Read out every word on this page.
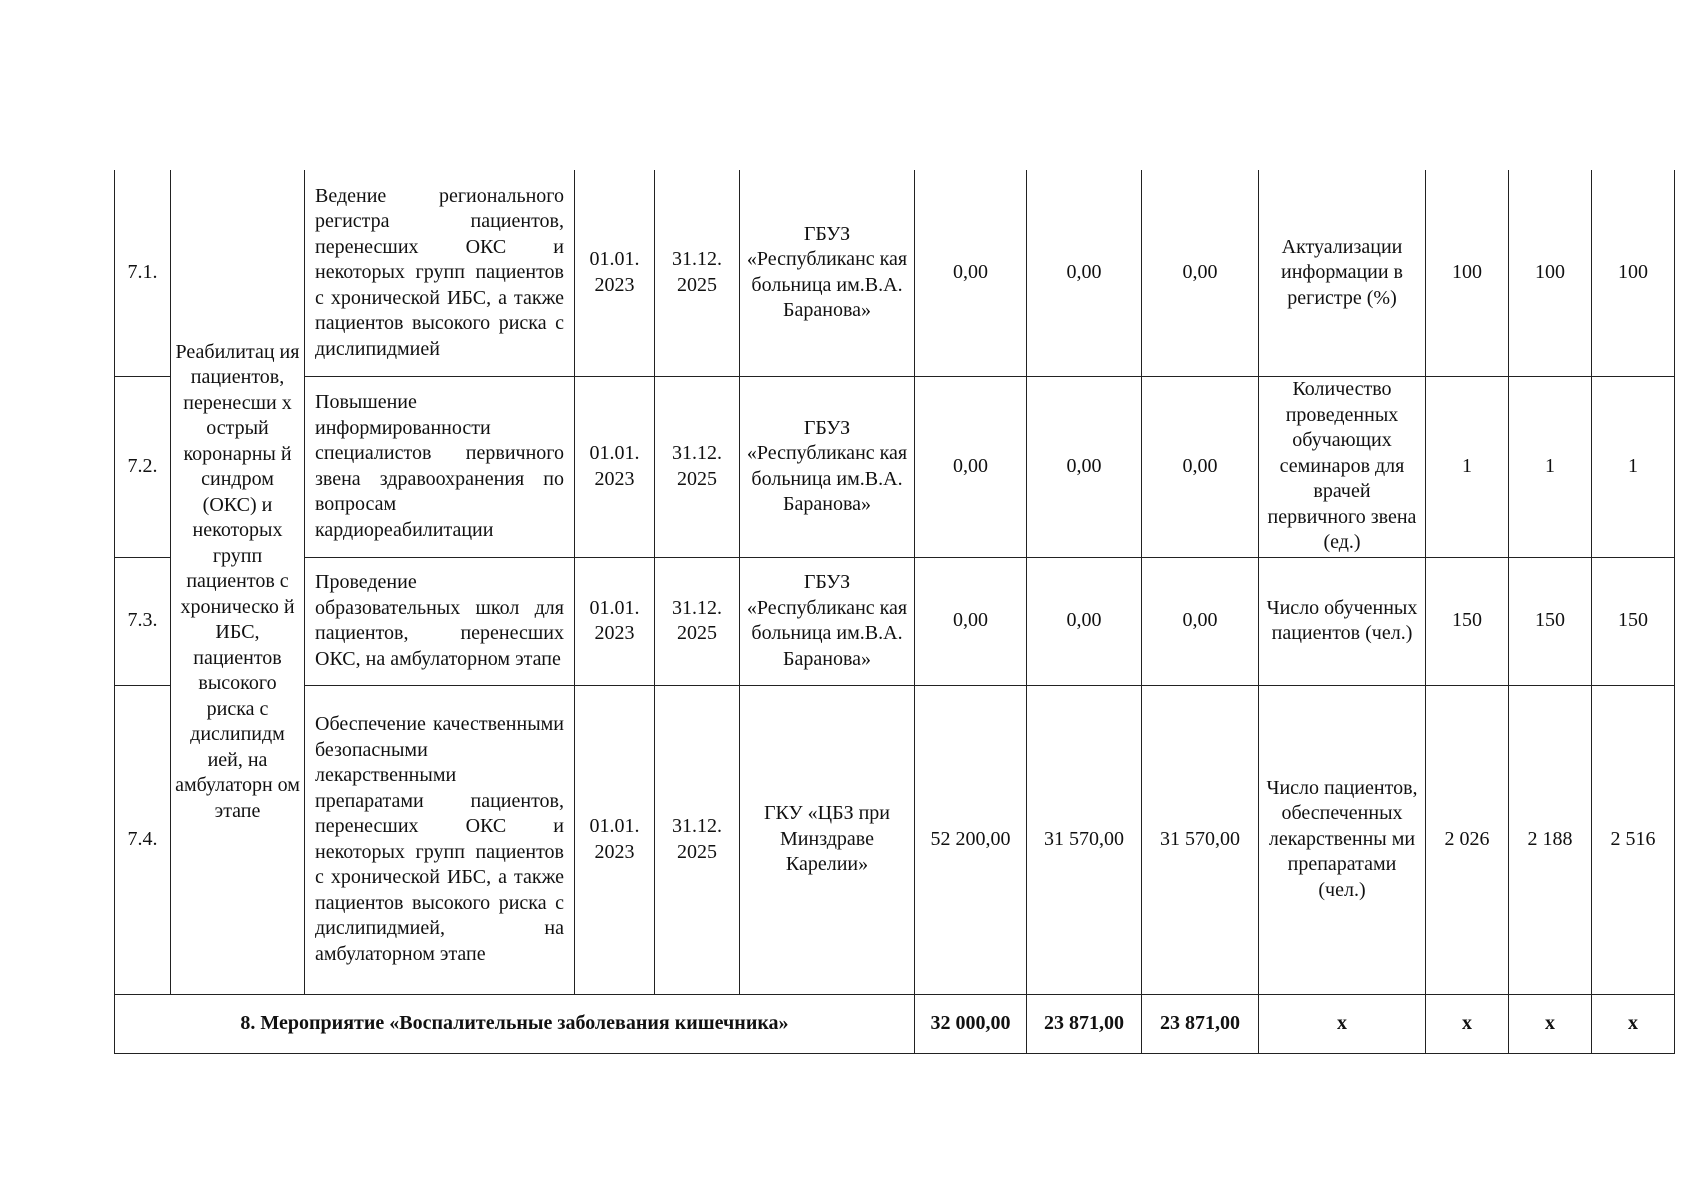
7.1.	Реабилитац ия пациентов, перенесши х острый коронарны й синдром (ОКС) и некоторых групп пациентов с хроническо й ИБС, пациентов высокого риска с дислипидм ией, на амбулаторн ом этапе	Ведение регионального регистра пациентов, перенесших ОКС и некоторых групп пациентов с хронической ИБС, а также пациентов высокого риска с дислипидмией	01.01. 2023	31.12. 2025	ГБУЗ «Республиканс кая больница им.В.А. Баранова»	0,00	0,00	0,00	Актуализации информации в регистре (%)	100	100	100
7.2.		Повышение информированности специалистов первичного звена здравоохранения по вопросам кардиореабилитации	01.01. 2023	31.12. 2025	ГБУЗ «Республиканс кая больница им.В.А. Баранова»	0,00	0,00	0,00	Количество проведенных обучающих семинаров для врачей первичного звена (ед.)	1	1	1
7.3.		Проведение образовательных школ для пациентов, перенесших ОКС, на амбулаторном этапе	01.01. 2023	31.12. 2025	ГБУЗ «Республиканс кая больница им.В.А. Баранова»	0,00	0,00	0,00	Число обученных пациентов (чел.)	150	150	150
7.4.		Обеспечение качественными безопасными лекарственными препаратами пациентов, перенесших ОКС и некоторых групп пациентов с хронической ИБС, а также пациентов высокого риска с дислипидмией, на амбулаторном этапе	01.01. 2023	31.12. 2025	ГКУ «ЦБЗ при Минздраве Карелии»	52 200,00	31 570,00	31 570,00	Число пациентов, обеспеченных лекарственны ми препаратами (чел.)	2 026	2 188	2 516
8. Мероприятие «Воспалительные заболевания кишечника»						32 000,00	23 871,00	23 871,00	х	х	х	х
